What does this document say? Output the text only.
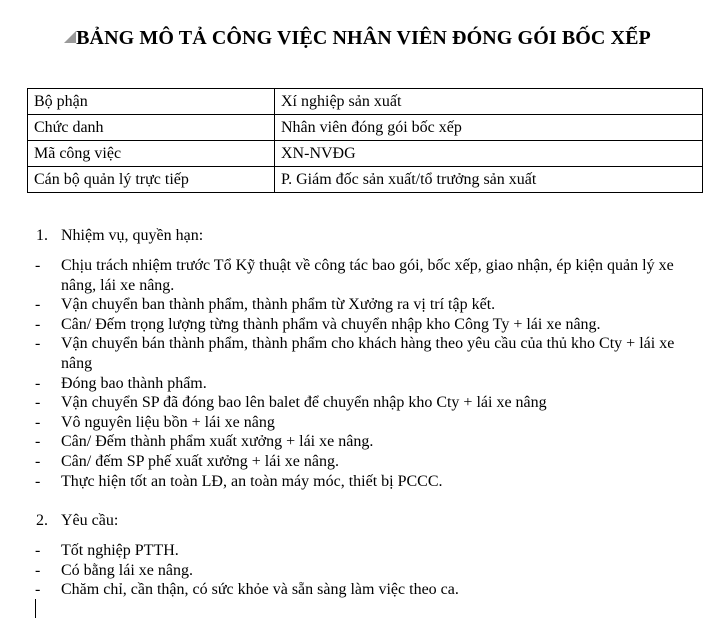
BẢNG MÔ TẢ CÔNG VIỆC NHÂN VIÊN ĐÓNG GÓI BỐC XẾP
Bộ phận	Xí nghiệp sản xuất
Chức danh	Nhân viên đóng gói bốc xếp
Mã công việc	XN-NVĐG
Cán bộ quản lý trực tiếp	P. Giám đốc sản xuất/tổ trưởng sản xuất
1. Nhiệm vụ, quyền hạn:
- Chịu trách nhiệm trước Tổ Kỹ thuật về công tác bao gói, bốc xếp, giao nhận, ép kiện quản lý xe nâng, lái xe nâng.
- Vận chuyển ban thành phẩm, thành phẩm từ Xưởng ra vị trí tập kết.
- Cân/ Đếm trọng lượng từng thành phẩm và chuyển nhập kho Công Ty + lái xe nâng.
- Vận chuyển bán thành phẩm, thành phẩm cho khách hàng theo yêu cầu của thủ kho Cty + lái xe nâng
- Đóng bao thành phẩm.
- Vận chuyển SP đã đóng bao lên balet để chuyển nhập kho Cty + lái xe nâng
- Vô nguyên liệu bồn + lái xe nâng
- Cân/ Đếm thành phẩm xuất xưởng + lái xe nâng.
- Cân/ đếm SP phế xuất xưởng + lái xe nâng.
- Thực hiện tốt an toàn LĐ, an toàn máy móc, thiết bị PCCC.
2. Yêu cầu:
- Tốt nghiệp PTTH.
- Có bằng lái xe nâng.
- Chăm chỉ, cần thận, có sức khỏe và sẵn sàng làm việc theo ca.
